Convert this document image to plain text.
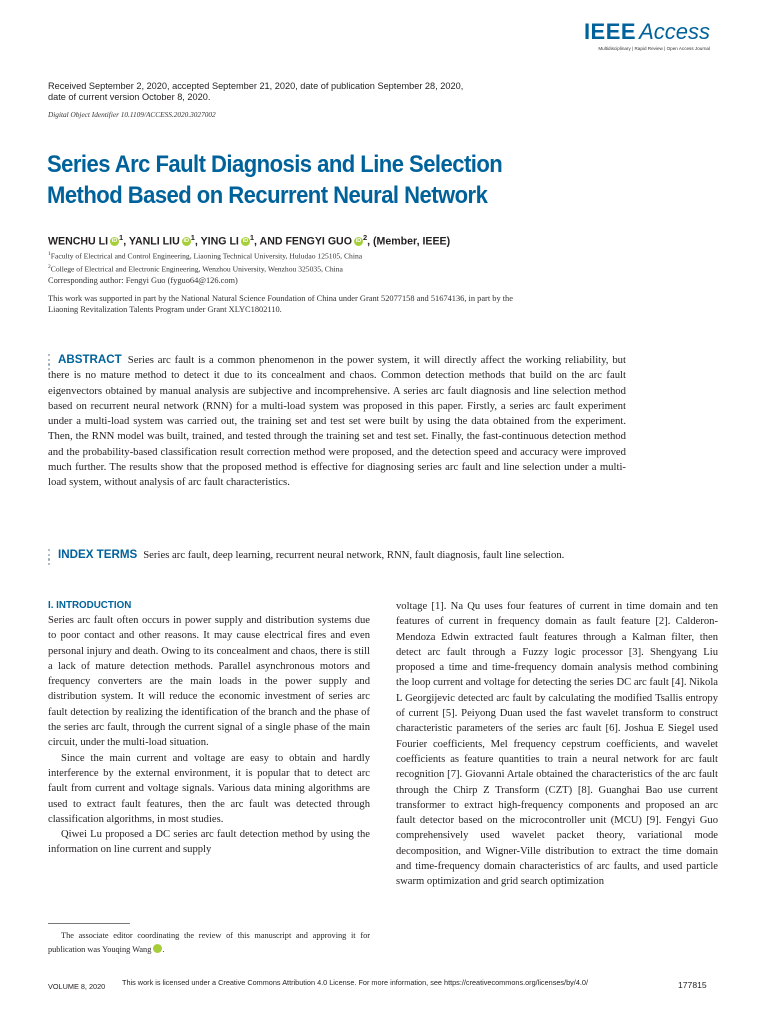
IEEE Access
Multidisciplinary | Rapid Review | Open Access Journal
Received September 2, 2020, accepted September 21, 2020, date of publication September 28, 2020,
date of current version October 8, 2020.
Digital Object Identifier 10.1109/ACCESS.2020.3027002
Series Arc Fault Diagnosis and Line Selection
Method Based on Recurrent Neural Network
WENCHU LI iD $^1$, YANLI LIU iD $^1$, YING LI iD $^1$, AND FENGYI GUO iD $^2$, (Member, IEEE)
$^1$Faculty of Electrical and Control Engineering, Liaoning Technical University, Huludao 125105, China
$^2$College of Electrical and Electronic Engineering, Wenzhou University, Wenzhou 325035, China
Corresponding author: Fengyi Guo (fyguo64@126.com)
This work was supported in part by the National Natural Science Foundation of China under Grant 52077158 and 51674136, in part by the
Liaoning Revitalization Talents Program under Grant XLYC1802110.
ABSTRACT Series arc fault is a common phenomenon in the power system, it will directly affect the working reliability, but there is no mature method to detect it due to its concealment and chaos. Common detection methods that build on the arc fault eigenvectors obtained by manual analysis are subjective and incomprehensive. A series arc fault diagnosis and line selection method based on recurrent neural network (RNN) for a multi-load system was proposed in this paper. Firstly, a series arc fault experiment under a multi-load system was carried out, the training set and test set were built by using the data obtained from the experiment. Then, the RNN model was built, trained, and tested through the training set and test set. Finally, the fast-continuous detection method and the probability-based classification result correction method were proposed, and the detection speed and accuracy were improved much further. The results show that the proposed method is effective for diagnosing series arc fault and line selection under a multi-load system, without analysis of arc fault characteristics.
INDEX TERMS Series arc fault, deep learning, recurrent neural network, RNN, fault diagnosis, fault line selection.
I. INTRODUCTION

Series arc fault often occurs in power supply and distribution systems due to poor contact and other reasons. It may cause electrical fires and even personal injury and death. Owing to its concealment and chaos, there is still a lack of mature detection methods. Parallel asynchronous motors and frequency converters are the main loads in the power supply and distribution system. It will reduce the economic investment of series arc fault detection by realizing the identification of the branch and the phase of the series arc fault, through the current signal of a single phase of the main circuit, under the multi-load situation.

Since the main current and voltage are easy to obtain and hardly interference by the external environment, it is popular that to detect arc fault from current and voltage signals. Various data mining algorithms are used to extract fault features, then the arc fault was detected through classification algorithms, in most studies.

Qiwei Lu proposed a DC series arc fault detection method by using the information on line current and supply

The associate editor coordinating the review of this manuscript and approving it for publication was Youqing Wang	iD.

voltage [1]. Na Qu uses four features of current in time domain and ten features of current in frequency domain as fault feature [2]. Calderon-Mendoza Edwin extracted fault features through a Kalman filter, then detect arc fault through a Fuzzy logic processor [3]. Shengyang Liu proposed a time and time-frequency domain analysis method combining the loop current and voltage for detecting the series DC arc fault [4]. Nikola L Georgijevic detected arc fault by calculating the modified Tsallis entropy of current [5]. Peiyong Duan used the fast wavelet transform to construct characteristic parameters of the series arc fault [6]. Joshua E Siegel used Fourier coefficients, Mel frequency cepstrum coefficients, and wavelet coefficients as feature quantities to train a neural network for arc fault recognition [7]. Giovanni Artale obtained the characteristics of the arc fault through the Chirp Z Transform (CZT) [8]. Guanghai Bao use current transformer to extract high-frequency components and proposed an arc fault detector based on the microcontroller unit (MCU) [9]. Fengyi Guo comprehensively used wavelet packet theory, variational mode decomposition, and Wigner-Ville distribution to extract the time domain and time-frequency domain characteristics of arc faults, and used particle swarm optimization and grid search optimization

VOLUME 8, 2020 This work is licensed under a Creative Commons Attribution 4.0 License. For more information, see https://creativecommons.org/licenses/by/4.0/	177815
